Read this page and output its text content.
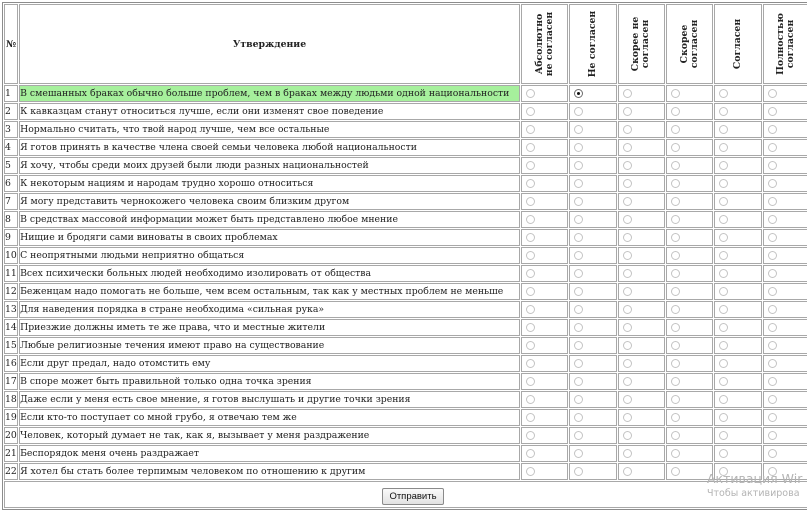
№	Утверждение	Абсолютно не согласен	Не согласен	Скорее не согласен	Скорее согласен	Согласен	Полностью согласен

1	В смешанных браках обычно больше проблем, чем в браках между людьми одной национальности	

2	К кавказцам станут относиться лучше, если они изменят свое поведение	

3	Нормально считать, что твой народ лучше, чем все остальные	

4	Я готов принять в качестве члена своей семьи человека любой национальности	

5	Я хочу, чтобы среди моих друзей были люди разных национальностей	

6	К некоторым нациям и народам трудно хорошо относиться	

7	Я могу представить чернокожего человека своим близким другом	

8	В средствах массовой информации может быть представлено любое мнение	

9	Нищие и бродяги сами виноваты в своих проблемах	

10	С неопрятными людьми неприятно общаться	

11	Всех психически больных людей необходимо изолировать от общества	

12	Беженцам надо помогать не больше, чем всем остальным, так как у местных проблем не меньше	

13	Для наведения порядка в стране необходима «сильная рука»	

14	Приезжие должны иметь те же права, что и местные жители	

15	Любые религиозные течения имеют право на существование	

16	Если друг предал, надо отомстить ему	

17	В споре может быть правильной только одна точка зрения	

18	Даже если у меня есть свое мнение, я готов выслушать и другие точки зрения	

19	Если кто-то поступает со мной грубо, я отвечаю тем же	

20	Человек, который думает не так, как я, вызывает у меня раздражение	

21	Беспорядок меня очень раздражает	

22	Я хотел бы стать более терпимым человеком по отношению к другим	

Отправить							
Активация Wir
Чтобы активирова
